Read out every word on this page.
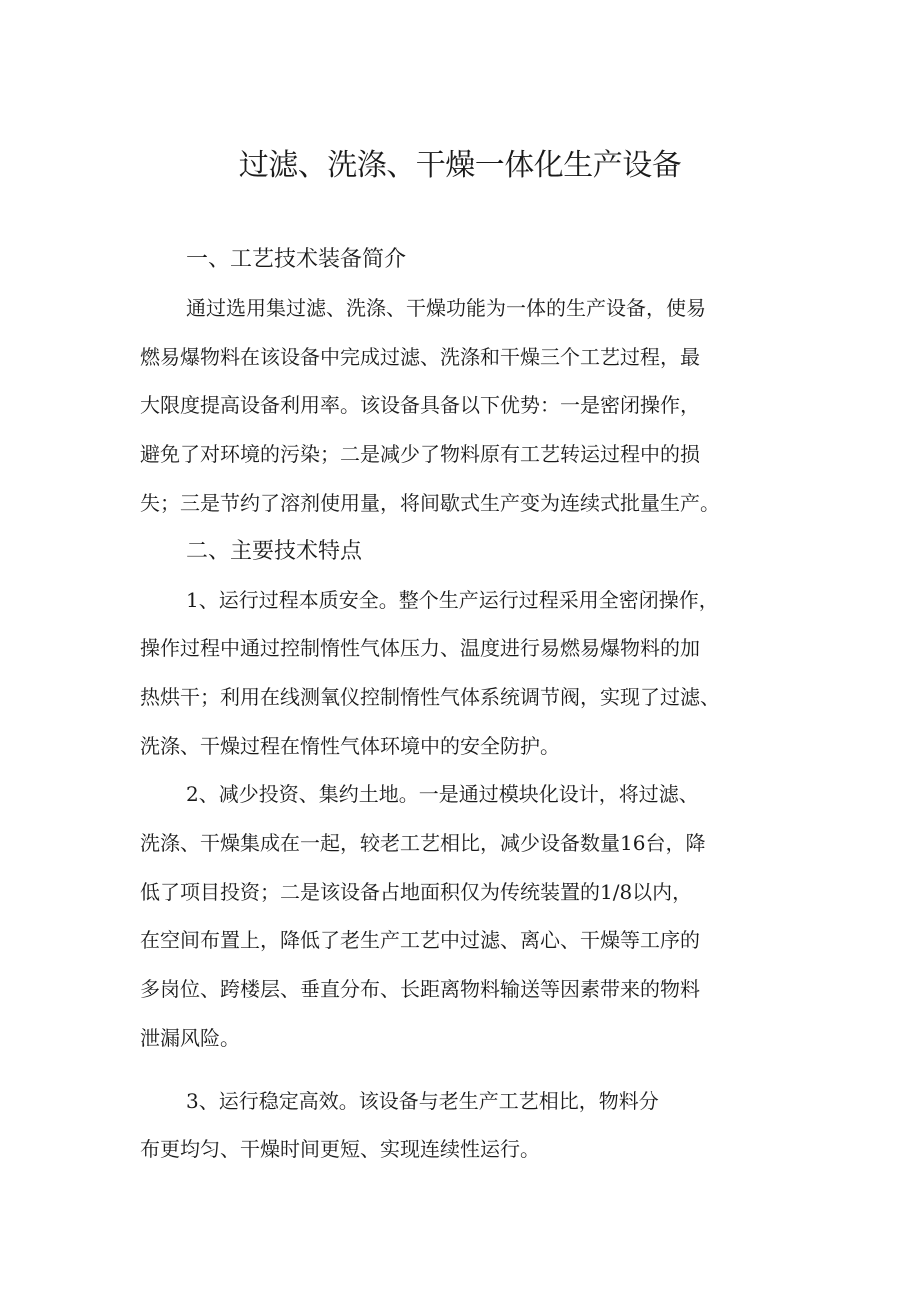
过滤、洗涤、干燥一体化生产设备
一、工艺技术装备简介

通过选用集过滤、洗涤、干燥功能为一体的生产设备，使易
燃易爆物料在该设备中完成过滤、洗涤和干燥三个工艺过程，最
大限度提高设备利用率。该设备具备以下优势：一是密闭操作，
避免了对环境的污染；二是减少了物料原有工艺转运过程中的损
失；三是节约了溶剂使用量，将间歇式生产变为连续式批量生产。

二、主要技术特点

1、运行过程本质安全。整个生产运行过程采用全密闭操作，
操作过程中通过控制惰性气体压力、温度进行易燃易爆物料的加
热烘干；利用在线测氧仪控制惰性气体系统调节阀，实现了过滤、
洗涤、干燥过程在惰性气体环境中的安全防护。

2、减少投资、集约土地。一是通过模块化设计，将过滤、
洗涤、干燥集成在一起，较老工艺相比，减少设备数量16台，降
低了项目投资；二是该设备占地面积仅为传统装置的1/8以内，
在空间布置上，降低了老生产工艺中过滤、离心、干燥等工序的
多岗位、跨楼层、垂直分布、长距离物料输送等因素带来的物料
泄漏风险。

3、运行稳定高效。该设备与老生产工艺相比，物料分
布更均匀、干燥时间更短、实现连续性运行。
